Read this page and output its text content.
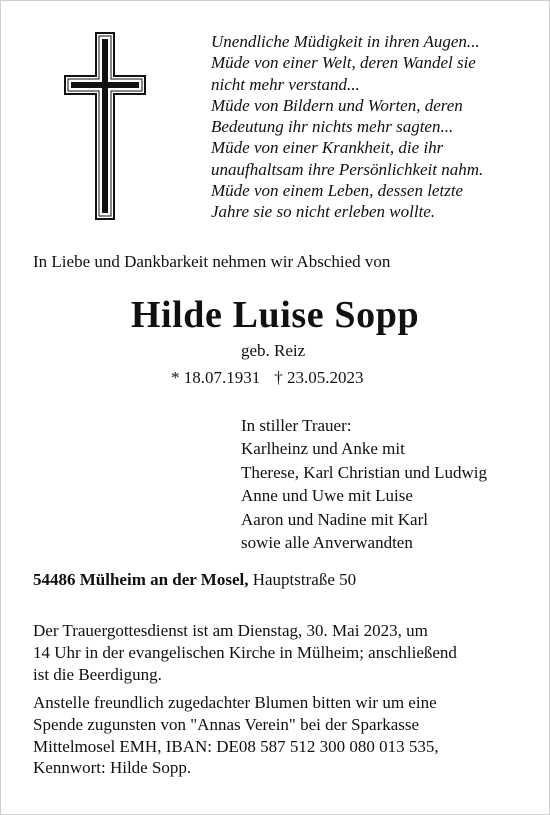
Unendliche Müdigkeit in ihren Augen...
Müde von einer Welt, deren Wandel sie
nicht mehr verstand...
Müde von Bildern und Worten, deren
Bedeutung ihr nichts mehr sagten...
Müde von einer Krankheit, die ihr
unaufhaltsam ihre Persönlichkeit nahm.
Müde von einem Leben, dessen letzte
Jahre sie so nicht erleben wollte.
In Liebe und Dankbarkeit nehmen wir Abschied von
Hilde Luise Sopp
geb. Reiz
* 18.07.1931 † 23.05.2023
In stiller Trauer:
Karlheinz und Anke mit
Therese, Karl Christian und Ludwig
Anne und Uwe mit Luise
Aaron und Nadine mit Karl
sowie alle Anverwandten
54486 Mülheim an der Mosel, Hauptstraße 50
Der Trauergottesdienst ist am Dienstag, 30. Mai 2023, um
14 Uhr in der evangelischen Kirche in Mülheim; anschließend
ist die Beerdigung.
Anstelle freundlich zugedachter Blumen bitten wir um eine
Spende zugunsten von "Annas Verein" bei der Sparkasse
Mittelmosel EMH, IBAN: DE08 587 512 300 080 013 535,
Kennwort: Hilde Sopp.
